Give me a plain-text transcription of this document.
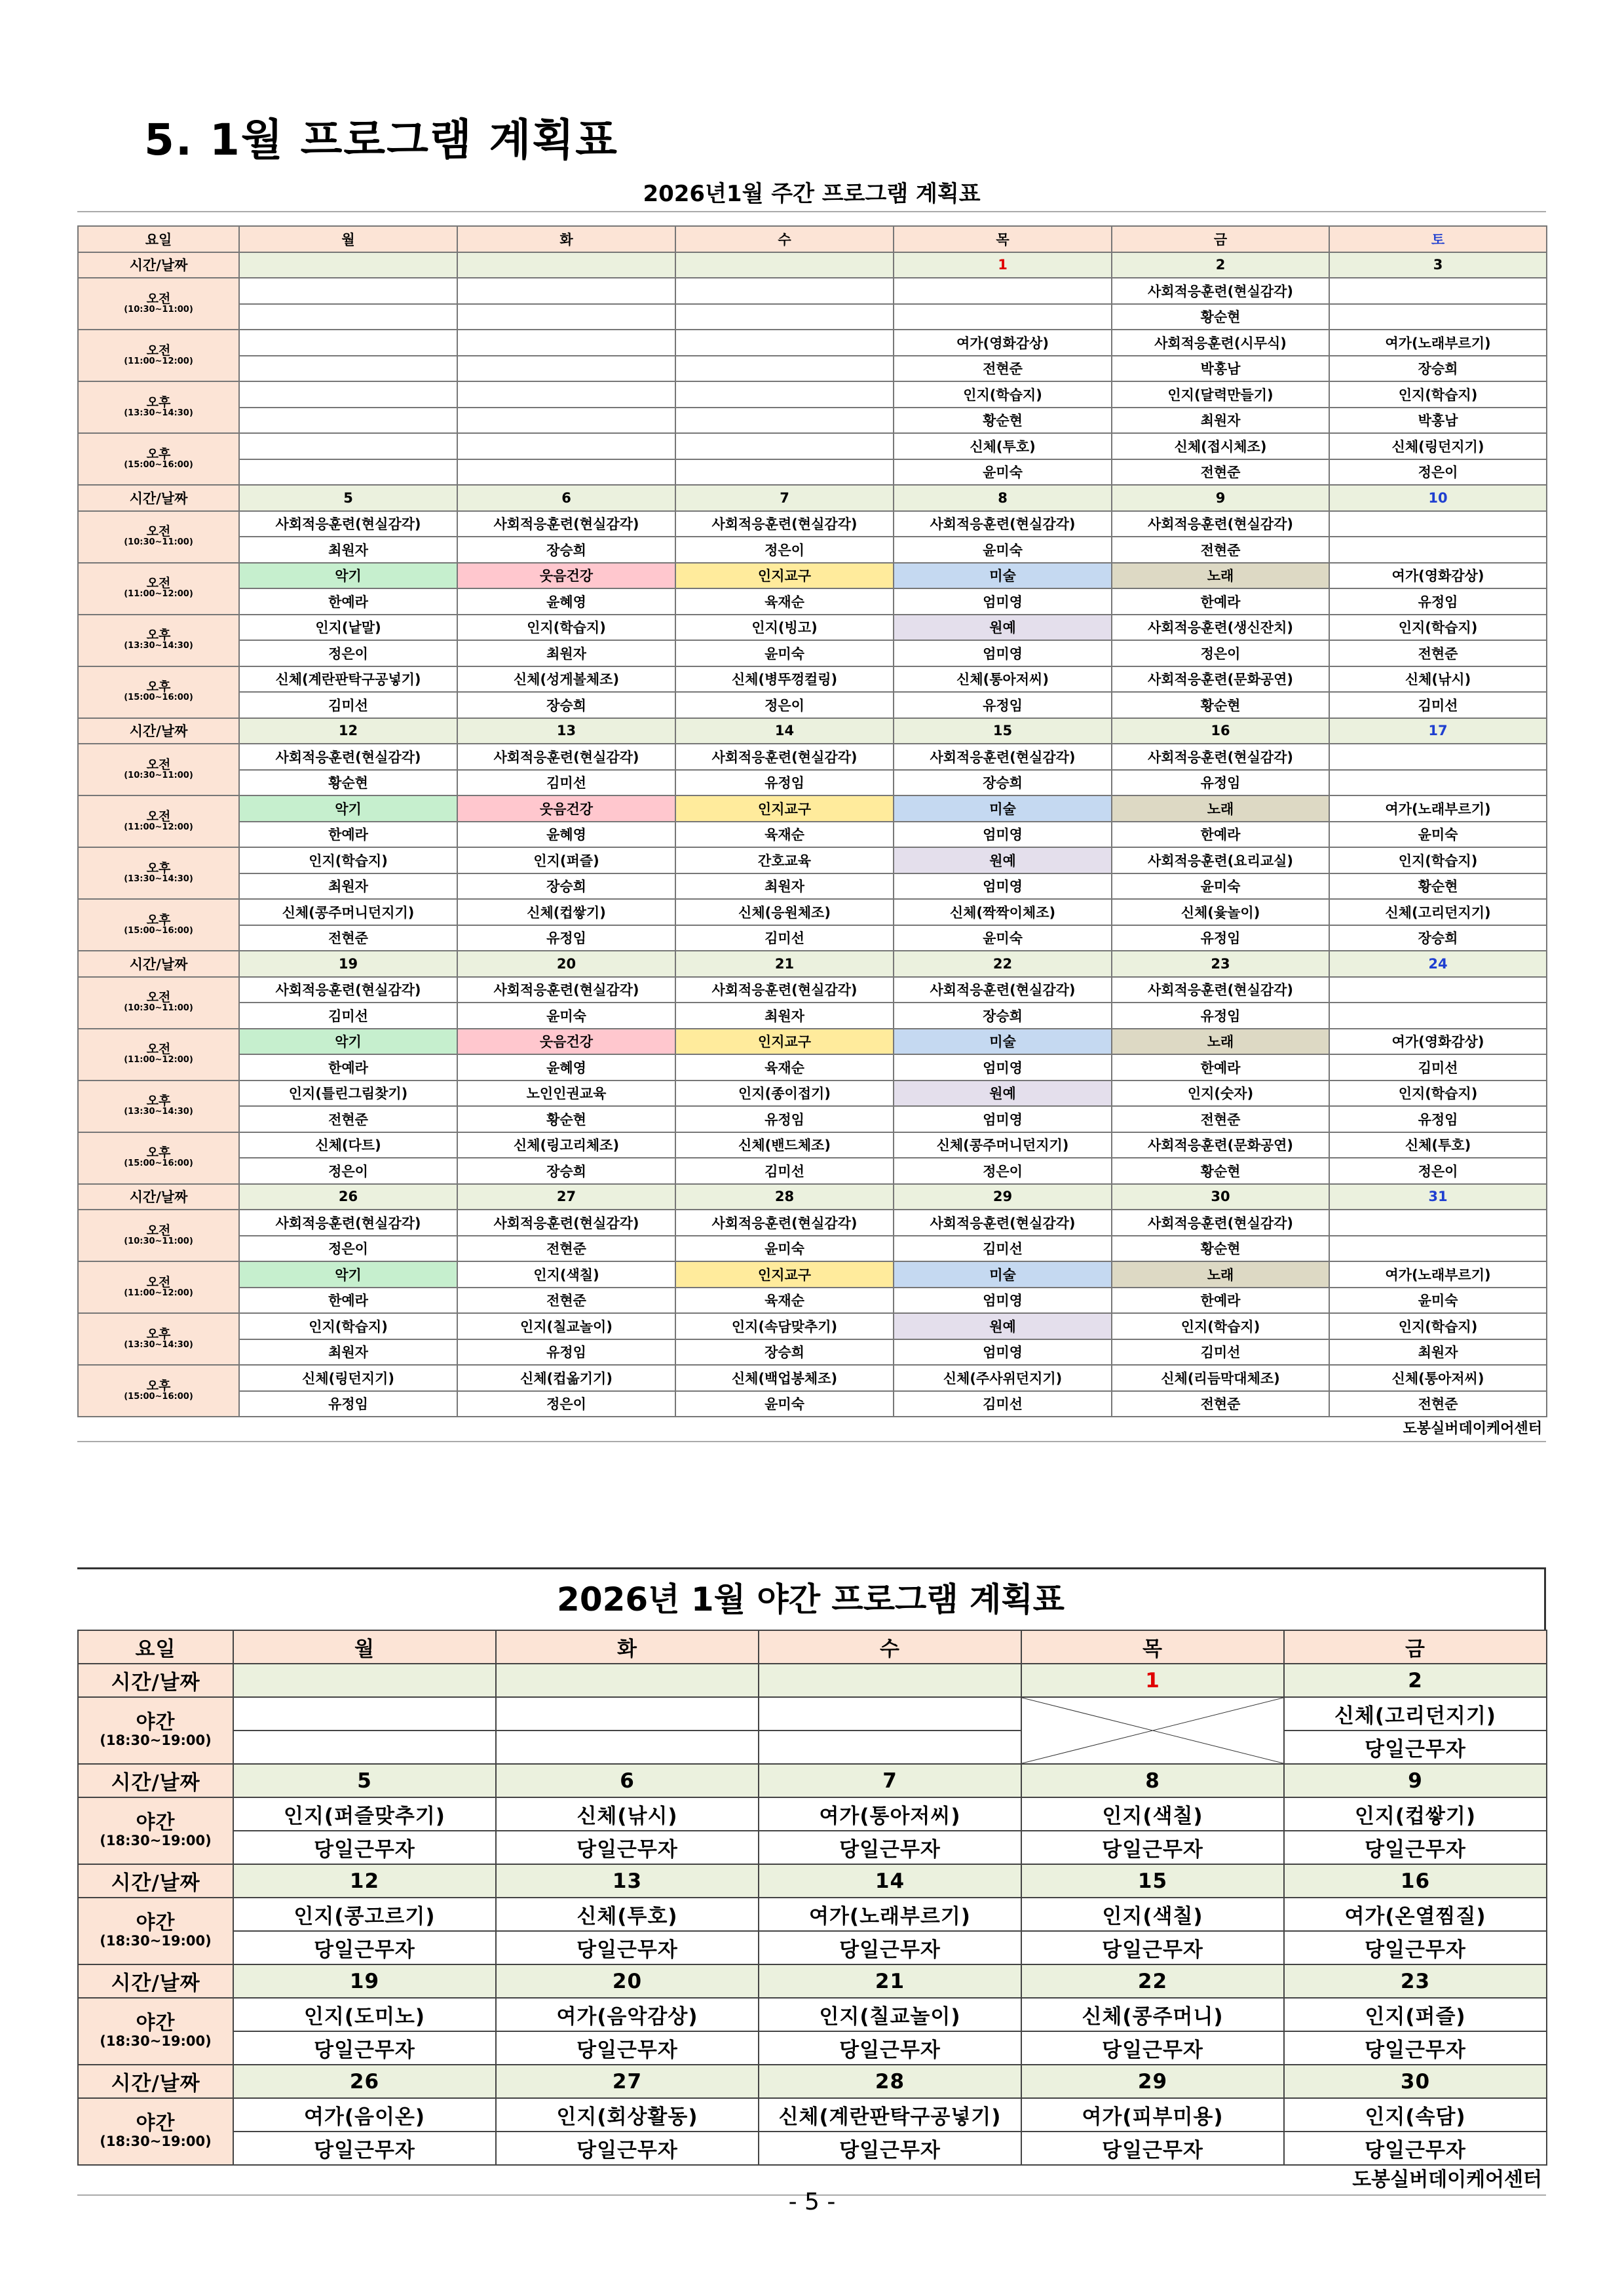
5. 1월 프로그램 계획표
2026년1월 주간 프로그램 계획표
요일	월	화	수	목	금	토
시간/날짜				1	2	3
오전
(10:30~11:00)					사회적응훈련(현실감각)	
					황순현	
오전
(11:00~12:00)				여가(영화감상)	사회적응훈련(시무식)	여가(노래부르기)
				전현준	박홍남	장승희
오후
(13:30~14:30)				인지(학습지)	인지(달력만들기)	인지(학습지)
				황순현	최원자	박홍남
오후
(15:00~16:00)				신체(투호)	신체(접시체조)	신체(링던지기)
				윤미숙	전현준	정은이
시간/날짜	5	6	7	8	9	10
오전
(10:30~11:00)	사회적응훈련(현실감각)	사회적응훈련(현실감각)	사회적응훈련(현실감각)	사회적응훈련(현실감각)	사회적응훈련(현실감각)	
	최원자	장승희	정은이	윤미숙	전현준	
오전
(11:00~12:00)	악기	웃음건강	인지교구	미술	노래	여가(영화감상)
	한예라	윤혜영	육재순	엄미영	한예라	유정임
오후
(13:30~14:30)	인지(낱말)	인지(학습지)	인지(빙고)	원예	사회적응훈련(생신잔치)	인지(학습지)
	정은이	최원자	윤미숙	엄미영	정은이	전현준
오후
(15:00~16:00)	신체(계란판탁구공넣기)	신체(성게볼체조)	신체(병뚜껑컬링)	신체(통아저씨)	사회적응훈련(문화공연)	신체(낚시)
	김미선	장승희	정은이	유정임	황순현	김미선
시간/날짜	12	13	14	15	16	17
오전
(10:30~11:00)	사회적응훈련(현실감각)	사회적응훈련(현실감각)	사회적응훈련(현실감각)	사회적응훈련(현실감각)	사회적응훈련(현실감각)	
	황순현	김미선	유정임	장승희	유정임	
오전
(11:00~12:00)	악기	웃음건강	인지교구	미술	노래	여가(노래부르기)
	한예라	윤혜영	육재순	엄미영	한예라	윤미숙
오후
(13:30~14:30)	인지(학습지)	인지(퍼즐)	간호교육	원예	사회적응훈련(요리교실)	인지(학습지)
	최원자	장승희	최원자	엄미영	윤미숙	황순현
오후
(15:00~16:00)	신체(콩주머니던지기)	신체(컵쌓기)	신체(응원체조)	신체(짝짝이체조)	신체(윷놀이)	신체(고리던지기)
	전현준	유정임	김미선	윤미숙	유정임	장승희
시간/날짜	19	20	21	22	23	24
오전
(10:30~11:00)	사회적응훈련(현실감각)	사회적응훈련(현실감각)	사회적응훈련(현실감각)	사회적응훈련(현실감각)	사회적응훈련(현실감각)	
	김미선	윤미숙	최원자	장승희	유정임	
오전
(11:00~12:00)	악기	웃음건강	인지교구	미술	노래	여가(영화감상)
	한예라	윤혜영	육재순	엄미영	한예라	김미선
오후
(13:30~14:30)	인지(틀린그림찾기)	노인인권교육	인지(종이접기)	원예	인지(숫자)	인지(학습지)
	전현준	황순현	유정임	엄미영	전현준	유정임
오후
(15:00~16:00)	신체(다트)	신체(링고리체조)	신체(밴드체조)	신체(콩주머니던지기)	사회적응훈련(문화공연)	신체(투호)
	정은이	장승희	김미선	정은이	황순현	정은이
시간/날짜	26	27	28	29	30	31
오전
(10:30~11:00)	사회적응훈련(현실감각)	사회적응훈련(현실감각)	사회적응훈련(현실감각)	사회적응훈련(현실감각)	사회적응훈련(현실감각)	
	정은이	전현준	윤미숙	김미선	황순현	
오전
(11:00~12:00)	악기	인지(색칠)	인지교구	미술	노래	여가(노래부르기)
	한예라	전현준	육재순	엄미영	한예라	윤미숙
오후
(13:30~14:30)	인지(학습지)	인지(칠교놀이)	인지(속담맞추기)	원예	인지(학습지)	인지(학습지)
	최원자	유정임	장승희	엄미영	김미선	최원자
오후
(15:00~16:00)	신체(링던지기)	신체(컵옮기기)	신체(백업봉체조)	신체(주사위던지기)	신체(리듬막대체조)	신체(통아저씨)
	유정임	정은이	윤미숙	김미선	전현준	전현준
도봉실버데이케어센터
2026년 1월 야간 프로그램 계획표
요일	월	화	수	목	금
시간/날짜				1	2
야간
(18:30~19:00)					신체(고리던지기)
					당일근무자
시간/날짜	5	6	7	8	9
야간
(18:30~19:00)	인지(퍼즐맞추기)	신체(낚시)	여가(통아저씨)	인지(색칠)	인지(컵쌓기)
	당일근무자	당일근무자	당일근무자	당일근무자	당일근무자
시간/날짜	12	13	14	15	16
야간
(18:30~19:00)	인지(콩고르기)	신체(투호)	여가(노래부르기)	인지(색칠)	여가(온열찜질)
	당일근무자	당일근무자	당일근무자	당일근무자	당일근무자
시간/날짜	19	20	21	22	23
야간
(18:30~19:00)	인지(도미노)	여가(음악감상)	인지(칠교놀이)	신체(콩주머니)	인지(퍼즐)
	당일근무자	당일근무자	당일근무자	당일근무자	당일근무자
시간/날짜	26	27	28	29	30
야간
(18:30~19:00)	여가(음이온)	인지(회상활동)	신체(계란판탁구공넣기)	여가(피부미용)	인지(속담)
	당일근무자	당일근무자	당일근무자	당일근무자	당일근무자
도봉실버데이케어센터
- 5 -
